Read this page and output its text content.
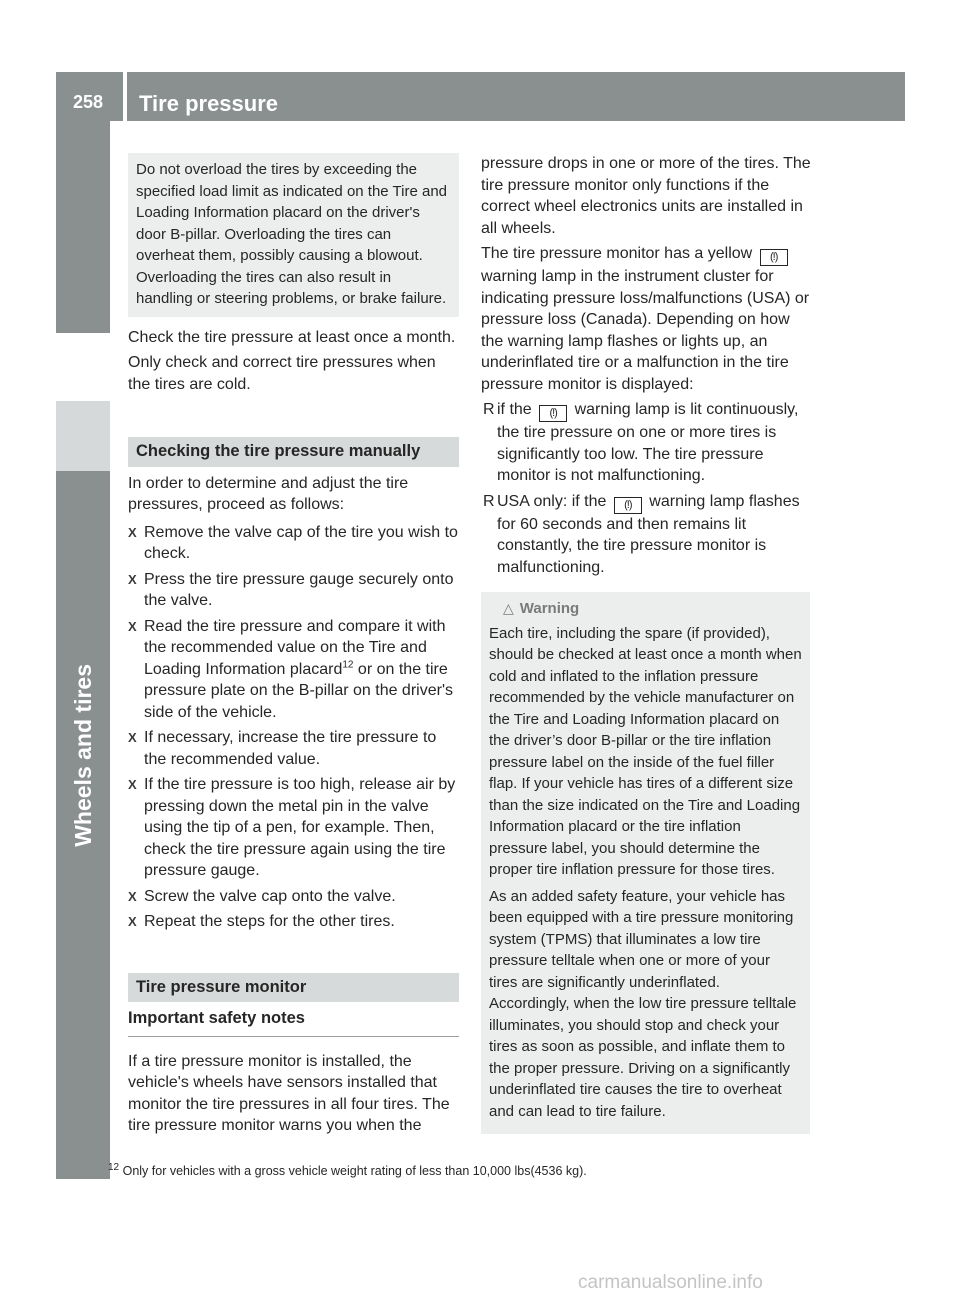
258	Tire pressure
Wheels and tires

Do not overload the tires by exceeding the specified load limit as indicated on the Tire and Loading Information placard on the driver's door B-pillar. Overloading the tires can overheat them, possibly causing a blowout. Overloading the tires can also result in handling or steering problems, or brake failure.

Check the tire pressure at least once a month.

Only check and correct tire pressures when the tires are cold.

Checking the tire pressure manually

In order to determine and adjust the tire pressures, proceed as follows:

X Remove the valve cap of the tire you wish to check.
X Press the tire pressure gauge securely onto the valve.
X Read the tire pressure and compare it with the recommended value on the Tire and Loading Information placard$^{12}$ or on the tire pressure plate on the B-pillar on the driver's side of the vehicle.
X If necessary, increase the tire pressure to the recommended value.
X If the tire pressure is too high, release air by pressing down the metal pin in the valve using the tip of a pen, for example. Then, check the tire pressure again using the tire pressure gauge.
X Screw the valve cap onto the valve.
X Repeat the steps for the other tires.
Tire pressure monitor
Important safety notes

If a tire pressure monitor is installed, the vehicle's wheels have sensors installed that monitor the tire pressures in all four tires. The tire pressure monitor warns you when the

pressure drops in one or more of the tires. The tire pressure monitor only functions if the correct wheel electronics units are installed in all wheels.

The tire pressure monitor has a yellow (!) warning lamp in the instrument cluster for indicating pressure loss/malfunctions (USA) or pressure loss (Canada). Depending on how the warning lamp flashes or lights up, an underinflated tire or a malfunction in the tire pressure monitor is displayed:

R if the (!) warning lamp is lit continuously, the tire pressure on one or more tires is significantly too low. The tire pressure monitor is not malfunctioning.
R USA only: if the (!) warning lamp flashes for 60 seconds and then remains lit constantly, the tire pressure monitor is malfunctioning.
△ Warning

Each tire, including the spare (if provided), should be checked at least once a month when cold and inflated to the inflation pressure recommended by the vehicle manufacturer on the Tire and Loading Information placard on the driver’s door B-pillar or the tire inflation pressure label on the inside of the fuel filler flap. If your vehicle has tires of a different size than the size indicated on the Tire and Loading Information placard or the tire inflation pressure label, you should determine the proper tire inflation pressure for those tires.

As an added safety feature, your vehicle has been equipped with a tire pressure monitoring system (TPMS) that illuminates a low tire pressure telltale when one or more of your tires are significantly underinflated. Accordingly, when the low tire pressure telltale illuminates, you should stop and check your tires as soon as possible, and inflate them to the proper pressure. Driving on a significantly underinflated tire causes the tire to overheat and can lead to tire failure.

$^{12}$ Only for vehicles with a gross vehicle weight rating of less than 10,000 lbs(4536 kg).
carmanualsonline.info
